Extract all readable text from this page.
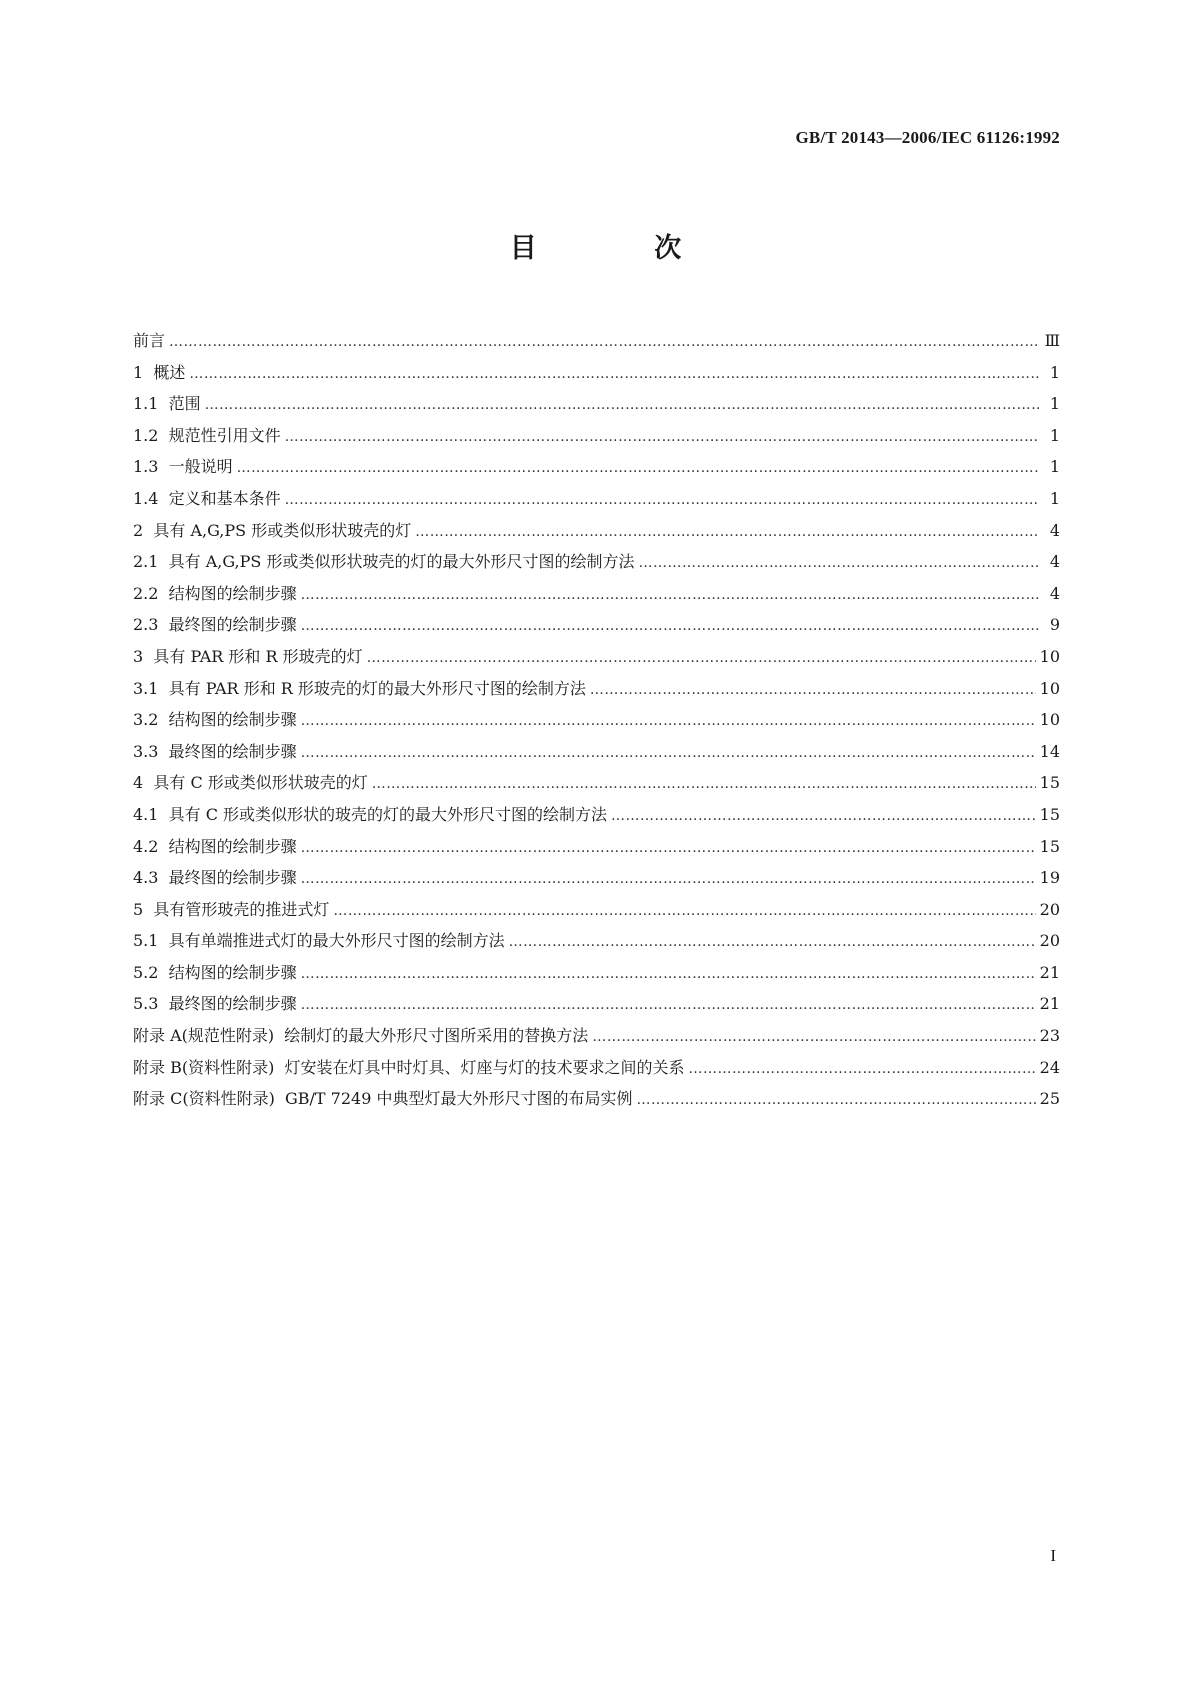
GB/T 20143—2006/IEC 61126:1992
目 次
前言 ……………………………………………………………………………………………………………………………………………………………………………………………………………………	Ⅲ
1  概述 ……………………………………………………………………………………………………………………………………………………………………………………………………………………	1
1.1  范围 ……………………………………………………………………………………………………………………………………………………………………………………………………………………	1
1.2  规范性引用文件 ……………………………………………………………………………………………………………………………………………………………………………………………………………………	1
1.3  一般说明 ……………………………………………………………………………………………………………………………………………………………………………………………………………………	1
1.4  定义和基本条件 ……………………………………………………………………………………………………………………………………………………………………………………………………………………	1
2  具有 A,G,PS 形或类似形状玻壳的灯 ……………………………………………………………………………………………………………………………………………………………………………………………………………………	4
2.1  具有 A,G,PS 形或类似形状玻壳的灯的最大外形尺寸图的绘制方法 ……………………………………………………………………………………………………………………………………………………………………………………………………………………	4
2.2  结构图的绘制步骤 ……………………………………………………………………………………………………………………………………………………………………………………………………………………	4
2.3  最终图的绘制步骤 ……………………………………………………………………………………………………………………………………………………………………………………………………………………	9
3  具有 PAR 形和 R 形玻壳的灯 ……………………………………………………………………………………………………………………………………………………………………………………………………………………	10
3.1  具有 PAR 形和 R 形玻壳的灯的最大外形尺寸图的绘制方法 ……………………………………………………………………………………………………………………………………………………………………………………………………………………	10
3.2  结构图的绘制步骤 ……………………………………………………………………………………………………………………………………………………………………………………………………………………	10
3.3  最终图的绘制步骤 ……………………………………………………………………………………………………………………………………………………………………………………………………………………	14
4  具有 C 形或类似形状玻壳的灯 ……………………………………………………………………………………………………………………………………………………………………………………………………………………	15
4.1  具有 C 形或类似形状的玻壳的灯的最大外形尺寸图的绘制方法 ……………………………………………………………………………………………………………………………………………………………………………………………………………………	15
4.2  结构图的绘制步骤 ……………………………………………………………………………………………………………………………………………………………………………………………………………………	15
4.3  最终图的绘制步骤 ……………………………………………………………………………………………………………………………………………………………………………………………………………………	19
5  具有管形玻壳的推进式灯 ……………………………………………………………………………………………………………………………………………………………………………………………………………………	20
5.1  具有单端推进式灯的最大外形尺寸图的绘制方法 ……………………………………………………………………………………………………………………………………………………………………………………………………………………	20
5.2  结构图的绘制步骤 ……………………………………………………………………………………………………………………………………………………………………………………………………………………	21
5.3  最终图的绘制步骤 ……………………………………………………………………………………………………………………………………………………………………………………………………………………	21
附录 A(规范性附录)  绘制灯的最大外形尺寸图所采用的替换方法 ……………………………………………………………………………………………………………………………………………………………………………………………………………………	23
附录 B(资料性附录)  灯安装在灯具中时灯具、灯座与灯的技术要求之间的关系 ……………………………………………………………………………………………………………………………………………………………………………………………………………………	24
附录 C(资料性附录)  GB/T 7249 中典型灯最大外形尺寸图的布局实例 ……………………………………………………………………………………………………………………………………………………………………………………………………………………	25
I
